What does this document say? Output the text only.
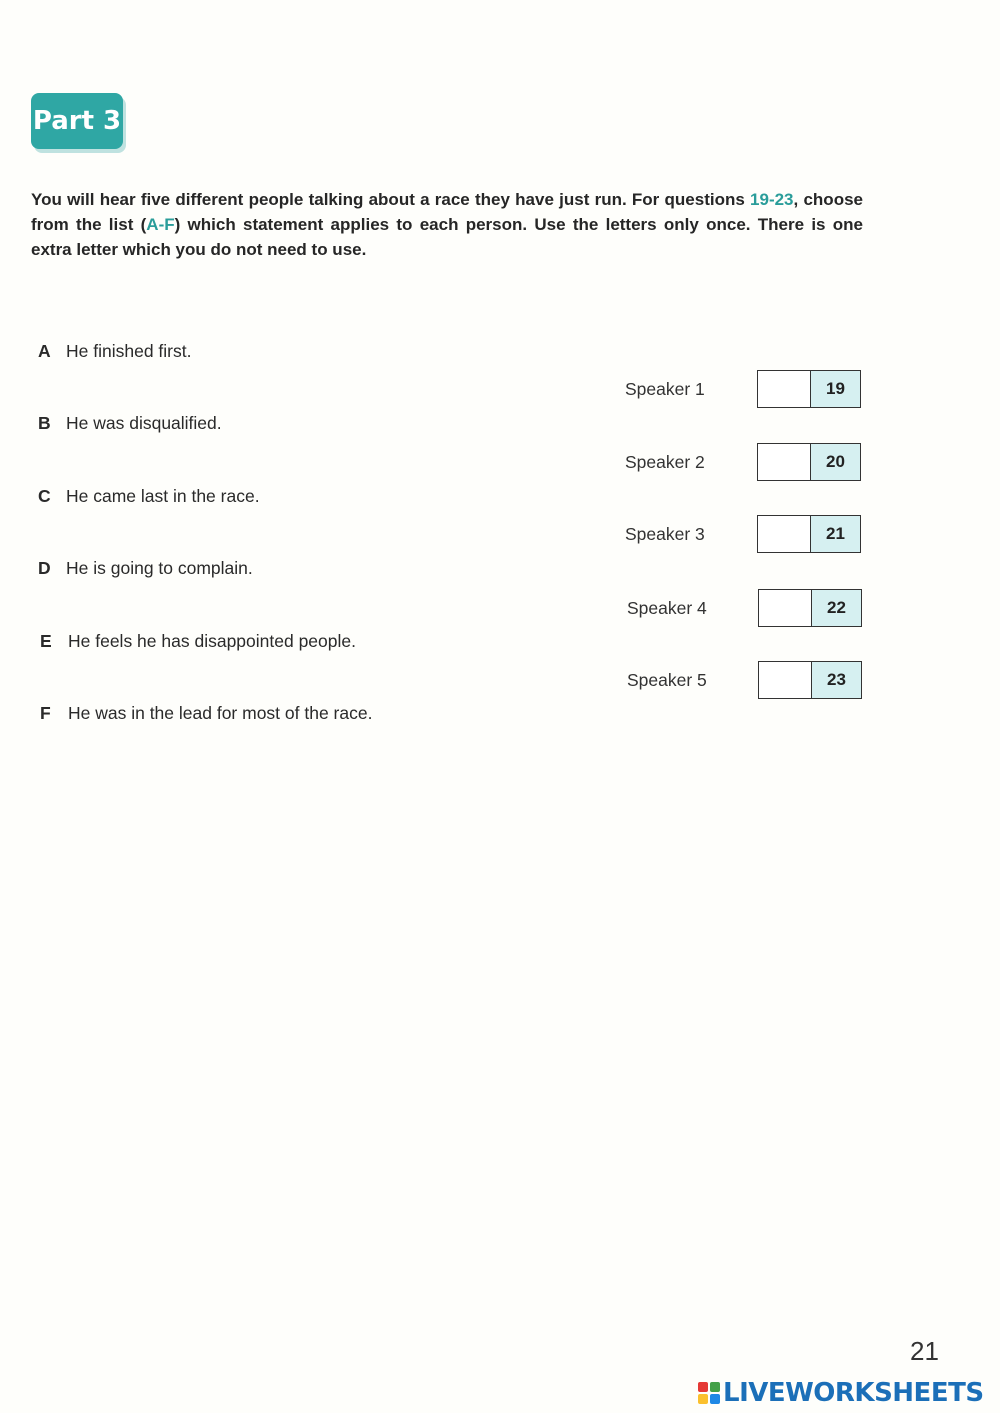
Part 3
You will hear five different people talking about a race they have just run. For questions 19-23, choose from the list (A-F) which statement applies to each person. Use the letters only once. There is one extra letter which you do not need to use.
A He finished first.
B He was disqualified.
C He came last in the race.
D He is going to complain.
E He feels he has disappointed people.
F He was in the lead for most of the race.
Speaker 1	19
Speaker 2	20
Speaker 3	21
Speaker 4	22
Speaker 5	23
21
LIVEWORKSHEETS
